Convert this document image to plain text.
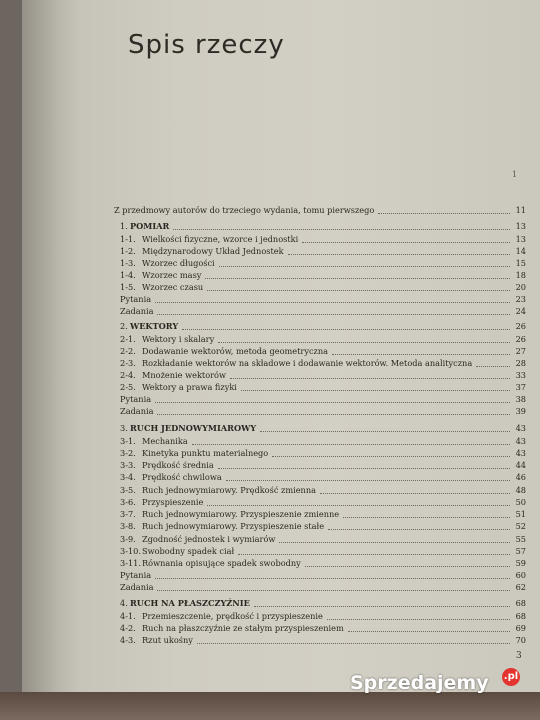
Spis rzeczy
1
Z przedmowy autorów do trzeciego wydania, tomu pierwszego	11
1. POMIAR	13
1-1. Wielkości fizyczne, wzorce i jednostki	13
1-2. Międzynarodowy Układ Jednostek	14
1-3. Wzorzec długości	15
1-4. Wzorzec masy	18
1-5. Wzorzec czasu	20
Pytania	23
Zadania	24
2. WEKTORY	26
2-1. Wektory i skalary	26
2-2. Dodawanie wektorów, metoda geometryczna	27
2-3. Rozkładanie wektorów na składowe i dodawanie wektorów. Metoda analityczna	28
2-4. Mnożenie wektorów	33
2-5. Wektory a prawa fizyki	37
Pytania	38
Zadania	39
3. RUCH JEDNOWYMIAROWY	43
3-1. Mechanika	43
3-2. Kinetyka punktu materialnego	43
3-3. Prędkość średnia	44
3-4. Prędkość chwilowa	46
3-5. Ruch jednowymiarowy. Prędkość zmienna	48
3-6. Przyspieszenie	50
3-7. Ruch jednowymiarowy. Przyspieszenie zmienne	51
3-8. Ruch jednowymiarowy. Przyspieszenie stałe	52
3-9. Zgodność jednostek i wymiarów	55
3-10. Swobodny spadek ciał	57
3-11. Równania opisujące spadek swobodny	59
Pytania	60
Zadania	62
4. RUCH NA PŁASZCZYŹNIE	68
4-1. Przemieszczenie, prędkość i przyspieszenie	68
4-2. Ruch na płaszczyźnie ze stałym przyspieszeniem	69
4-3. Rzut ukośny	70
3
Sprzedajemy .pl
